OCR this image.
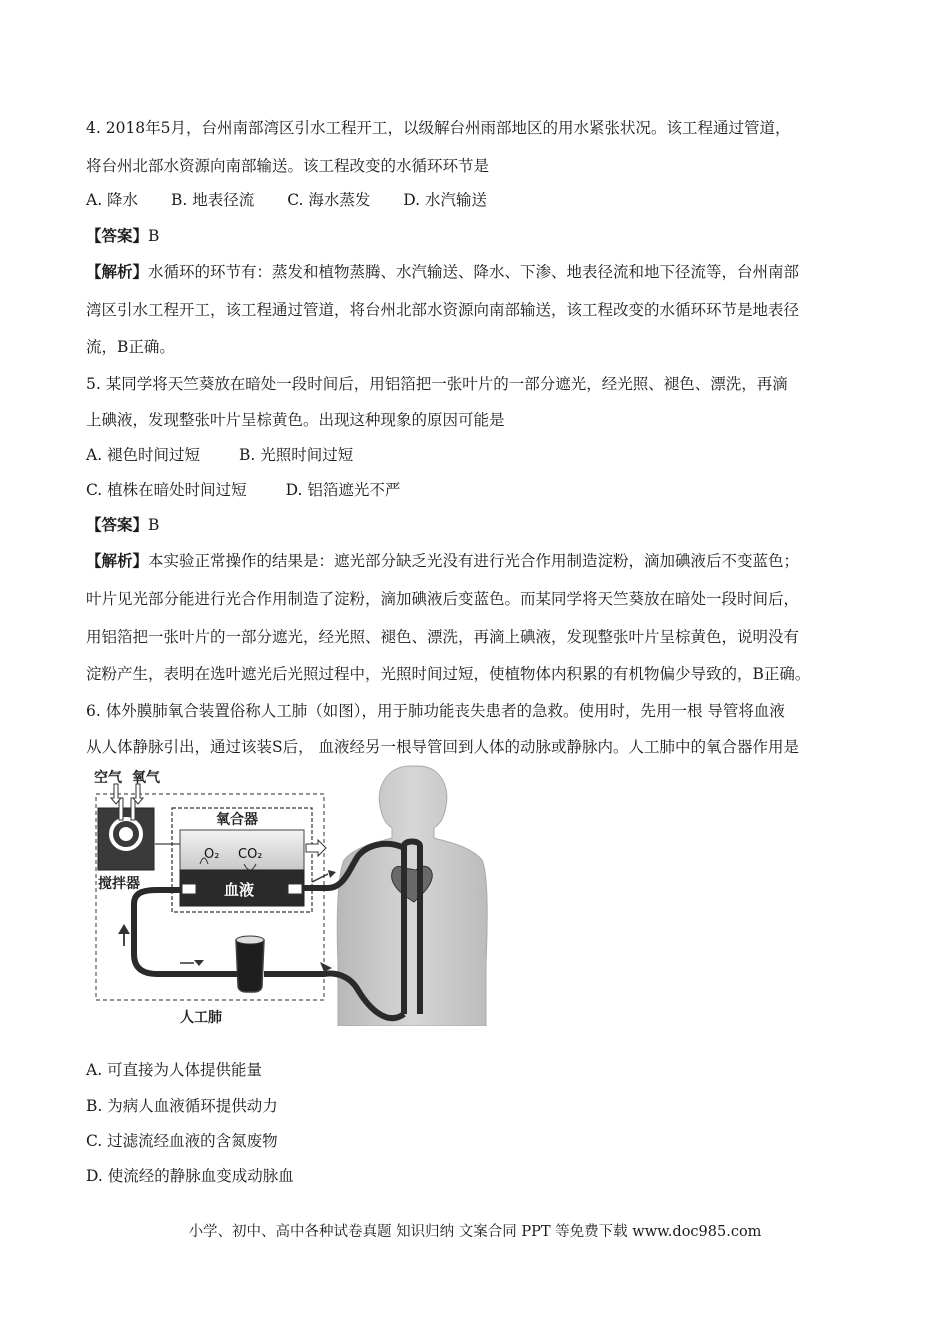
4. 2018年5月，台州南部湾区引水工程开工，以级解台州雨部地区的用水紧张状况。该工程通过管道，
将台州北部水资源向南部输送。该工程改变的水循环环节是
A. 降水 B. 地表径流 C. 海水蒸发 D. 水汽输送
【答案】B
【解析】水循环的环节有：蒸发和植物蒸腾、水汽输送、降水、下渗、地表径流和地下径流等，台州南部
湾区引水工程开工，该工程通过管道，将台州北部水资源向南部输送，该工程改变的水循环环节是地表径
流，B正确。
5. 某同学将天竺葵放在暗处一段时间后，用铝箔把一张叶片的一部分遮光，经光照、褪色、漂洗，再滴
上碘液，发现整张叶片呈棕黄色。出现这种现象的原因可能是
A. 褪色时间过短	B. 光照时间过短
C. 植株在暗处时间过短	D. 铝箔遮光不严
【答案】B
【解析】本实验正常操作的结果是：遮光部分缺乏光没有进行光合作用制造淀粉，滴加碘液后不变蓝色；
叶片见光部分能进行光合作用制造了淀粉，滴加碘液后变蓝色。而某同学将天竺葵放在暗处一段时间后，
用铝箔把一张叶片的一部分遮光，经光照、褪色、漂洗，再滴上碘液，发现整张叶片呈棕黄色，说明没有
淀粉产生，表明在选叶遮光后光照过程中，光照时间过短，使植物体内积累的有机物偏少导致的，B正确。
6. 体外膜肺氧合装置俗称人工肺（如图），用于肺功能丧失患者的急救。使用时，先用一根 导管将血液
从人体静脉引出，通过该装S后， 血液经另一根导管回到人体的动脉或静脉内。人工肺中的氧合器作用是
空气 氧气
搅拌器
氧合器
O₂ CO₂
血液
人工肺
A. 可直接为人体提供能量
B. 为病人血液循环提供动力
C. 过滤流经血液的含氮废物
D. 使流经的静脉血变成动脉血
小学、初中、高中各种试卷真题 知识归纳 文案合同 PPT 等免费下载 www.doc985.com
